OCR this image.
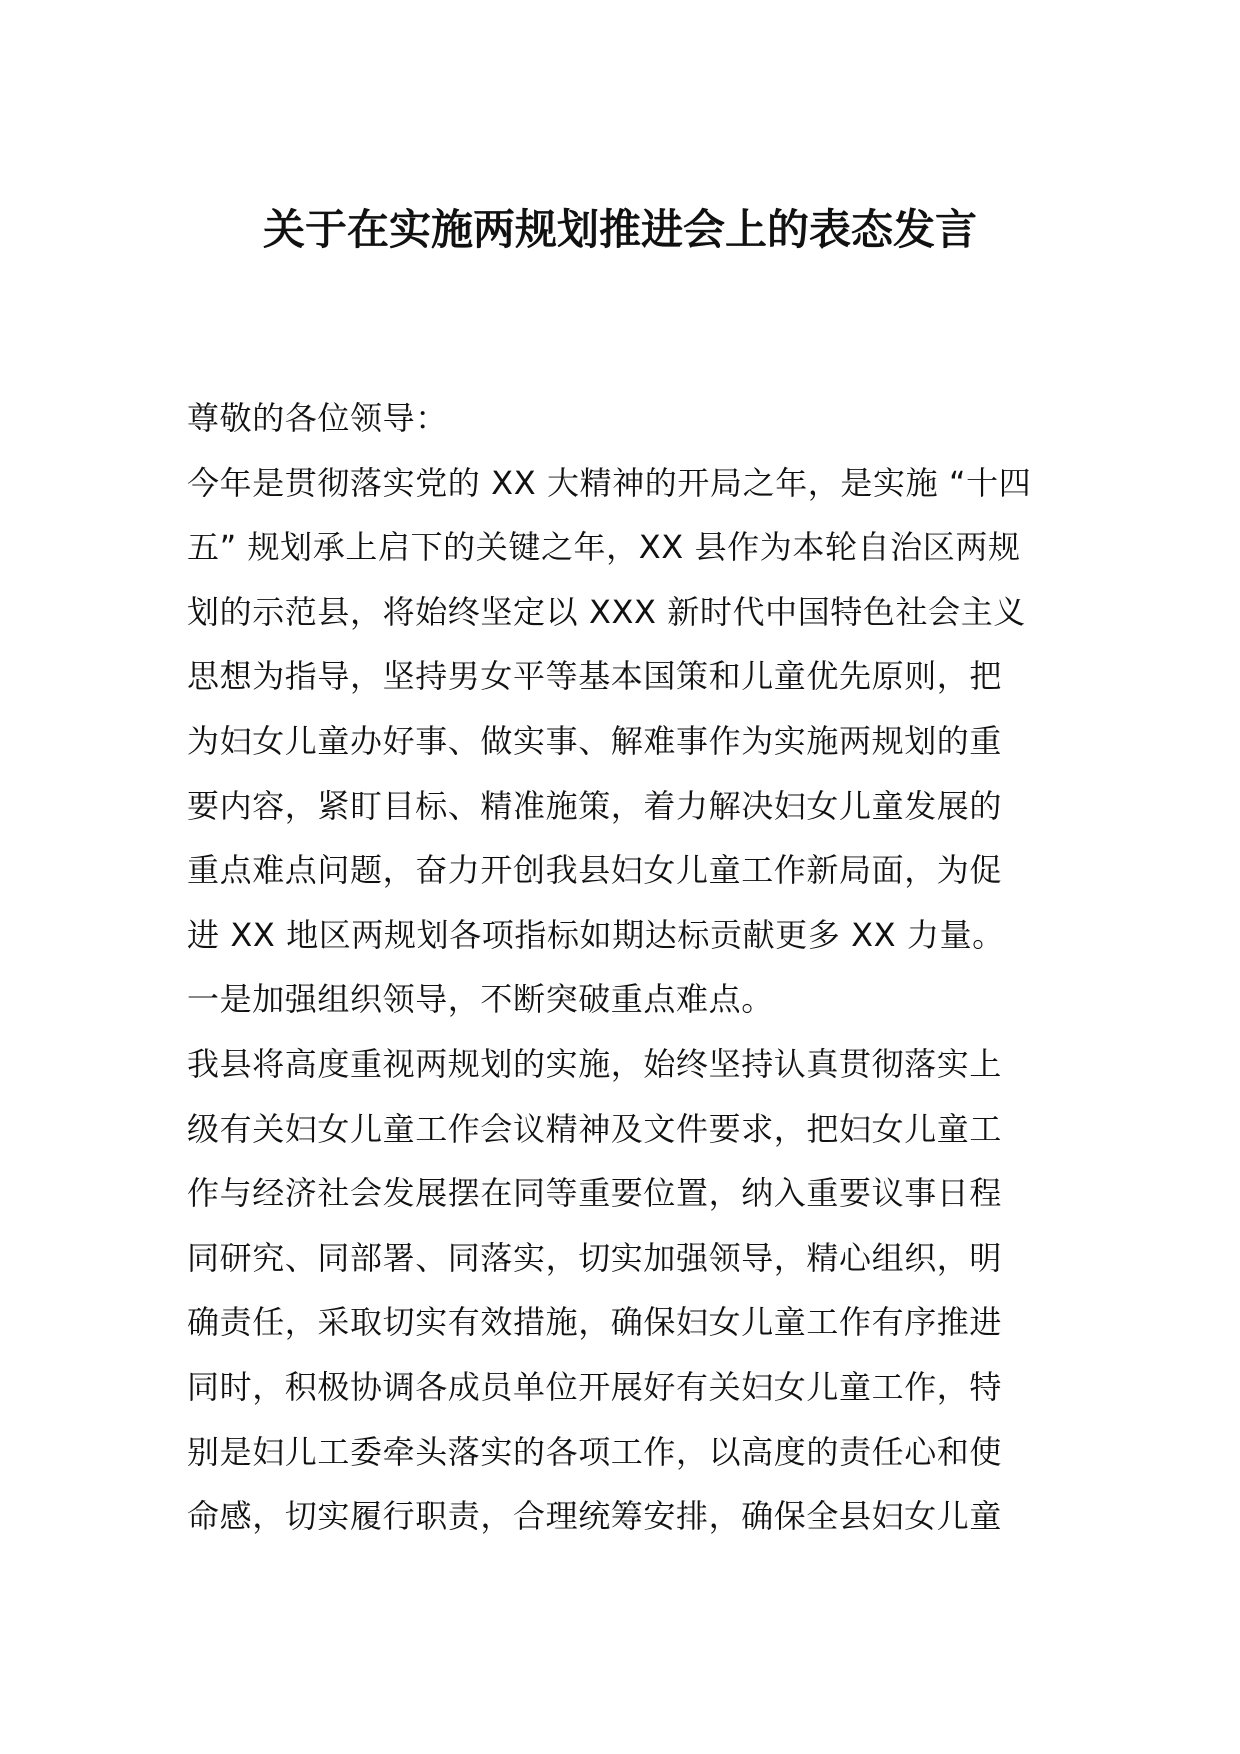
关于在实施两规划推进会上的表态发言
尊敬的各位领导：
今年是贯彻落实党的 XX 大精神的开局之年，是实施 “十四
五” 规划承上启下的关键之年，XX 县作为本轮自治区两规
划的示范县，将始终坚定以 XXX 新时代中国特色社会主义
思想为指导，坚持男女平等基本国策和儿童优先原则，把
为妇女儿童办好事、做实事、解难事作为实施两规划的重
要内容，紧盯目标、精准施策，着力解决妇女儿童发展的
重点难点问题，奋力开创我县妇女儿童工作新局面，为促
进 XX 地区两规划各项指标如期达标贡献更多 XX 力量。
一是加强组织领导，不断突破重点难点。
我县将高度重视两规划的实施，始终坚持认真贯彻落实上
级有关妇女儿童工作会议精神及文件要求，把妇女儿童工
作与经济社会发展摆在同等重要位置，纳入重要议事日程
同研究、同部署、同落实，切实加强领导，精心组织，明
确责任，采取切实有效措施，确保妇女儿童工作有序推进
同时，积极协调各成员单位开展好有关妇女儿童工作，特
别是妇儿工委牵头落实的各项工作，以高度的责任心和使
命感，切实履行职责，合理统筹安排，确保全县妇女儿童
